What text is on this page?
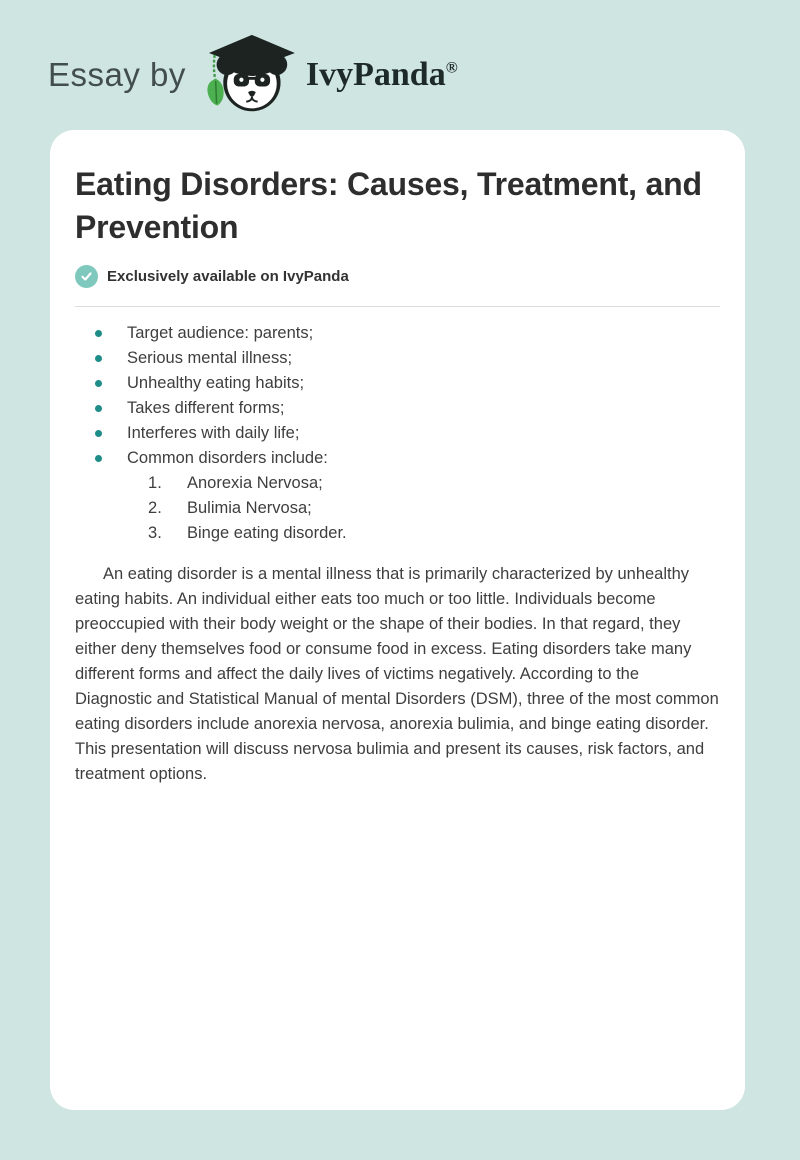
Essay by	IvyPanda®
Eating Disorders: Causes, Treatment, and Prevention
Exclusively available on IvyPanda
Target audience: parents;
Serious mental illness;
Unhealthy eating habits;
Takes different forms;
Interferes with daily life;
Common disorders include:
Anorexia Nervosa;
Bulimia Nervosa;
Binge eating disorder.

An eating disorder is a mental illness that is primarily characterized by unhealthy eating habits. An individual either eats too much or too little. Individuals become preoccupied with their body weight or the shape of their bodies. In that regard, they either deny themselves food or consume food in excess. Eating disorders take many different forms and affect the daily lives of victims negatively. According to the Diagnostic and Statistical Manual of mental Disorders (DSM), three of the most common eating disorders include anorexia nervosa, anorexia bulimia, and binge eating disorder. This presentation will discuss nervosa bulimia and present its causes, risk factors, and treatment options.
